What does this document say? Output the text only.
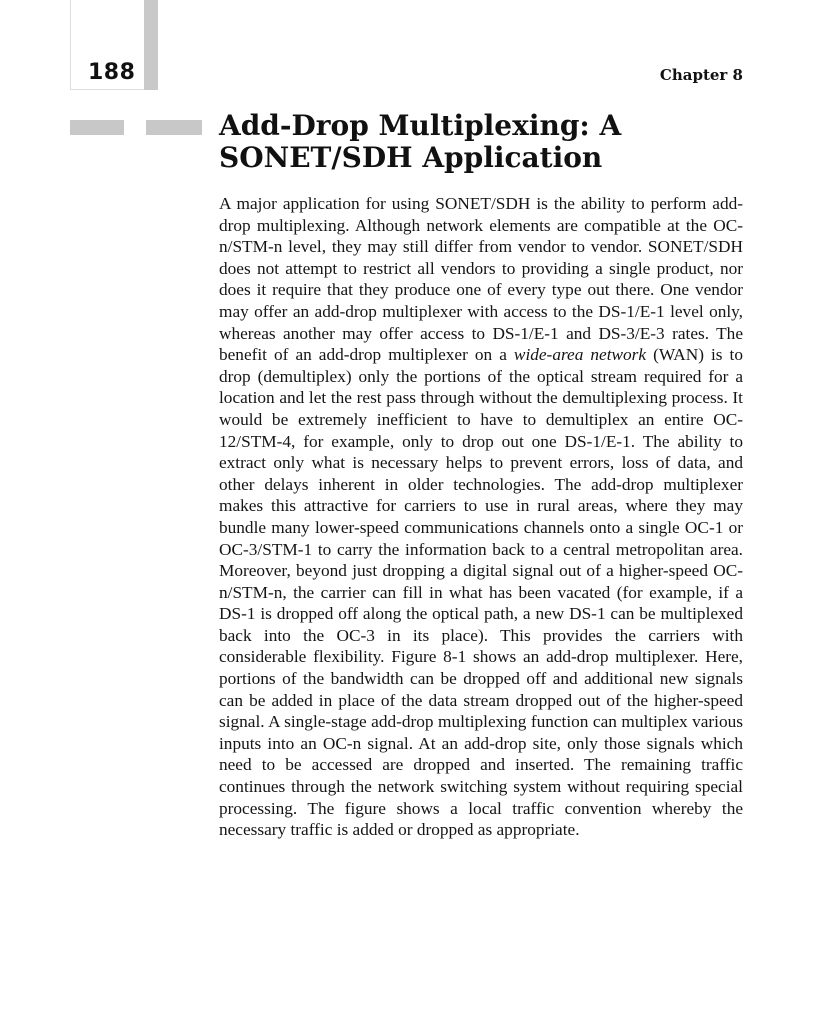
188	Chapter 8
Add-Drop Multiplexing: A
SONET/SDH Application

A major application for using SONET/SDH is the ability to perform add-drop multiplexing. Although network elements are compatible at the OC-n/STM-n level, they may still differ from vendor to vendor. SONET/SDH does not attempt to restrict all vendors to providing a single product, nor does it require that they produce one of every type out there. One vendor may offer an add-drop multiplexer with access to the DS-1/E-1 level only, whereas another may offer access to DS-1/E-1 and DS-3/E-3 rates. The benefit of an add-drop multiplexer on a wide-area network (WAN) is to drop (demultiplex) only the portions of the optical stream required for a location and let the rest pass through without the demultiplexing process. It would be extremely inefficient to have to demultiplex an entire OC-12/STM-4, for example, only to drop out one DS-1/E-1. The ability to extract only what is necessary helps to prevent errors, loss of data, and other delays inherent in older technologies. The add-drop multiplexer makes this attractive for carriers to use in rural areas, where they may bundle many lower-speed communications channels onto a single OC-1 or OC-3/STM-1 to carry the information back to a central metropolitan area. Moreover, beyond just dropping a digital signal out of a higher-speed OC-n/STM-n, the carrier can fill in what has been vacated (for example, if a DS-1 is dropped off along the optical path, a new DS-1 can be multiplexed back into the OC-3 in its place). This provides the carriers with considerable flexibility. Figure 8-1 shows an add-drop multiplexer. Here, portions of the bandwidth can be dropped off and additional new signals can be added in place of the data stream dropped out of the higher-speed signal. A single-stage add-drop multiplexing function can multiplex various inputs into an OC-n signal. At an add-drop site, only those signals which need to be accessed are dropped and inserted. The remaining traffic continues through the network switching system without requiring special processing. The figure shows a local traffic convention whereby the necessary traffic is added or dropped as appropriate.
